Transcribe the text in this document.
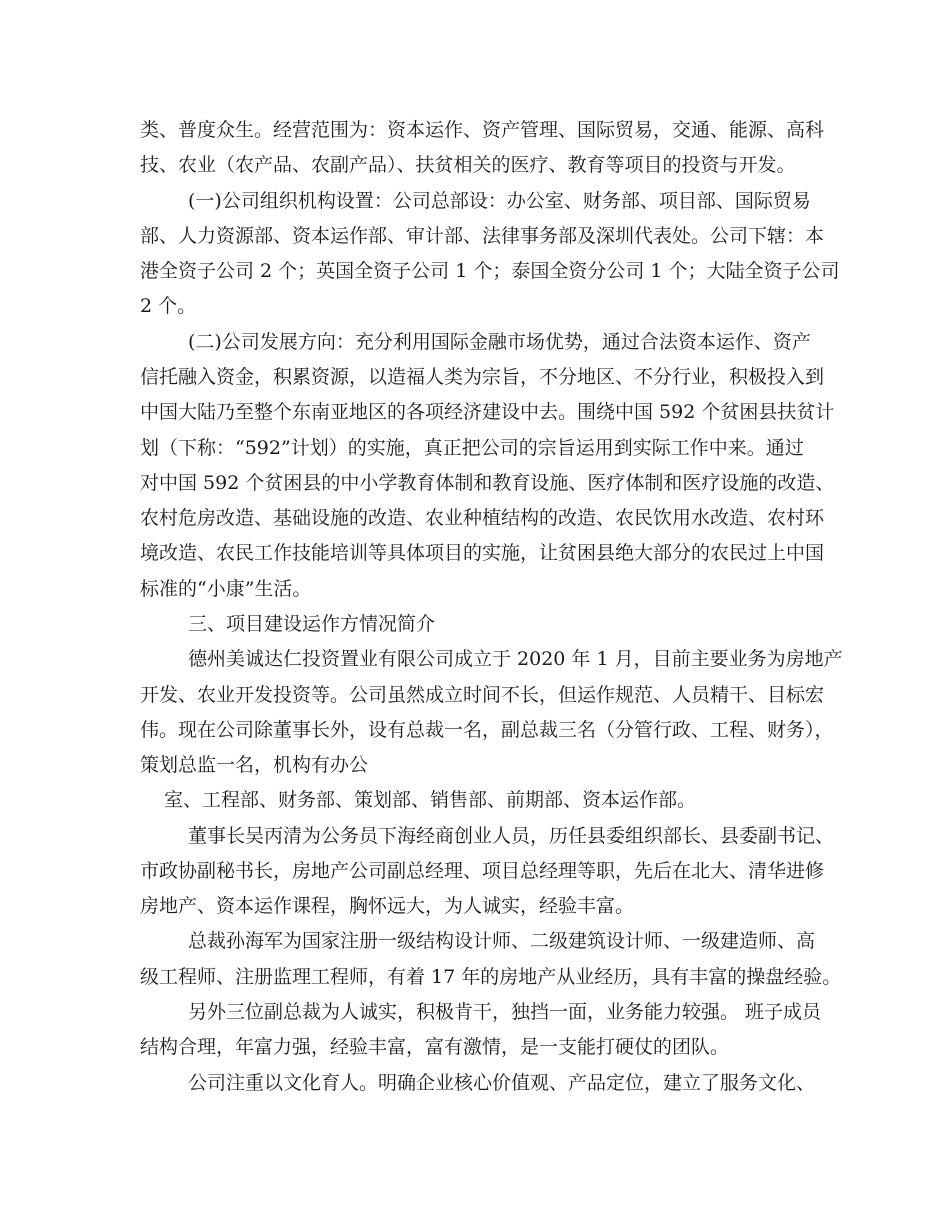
类、普度众生。经营范围为：资本运作、资产管理、国际贸易，交通、能源、高科
技、农业（农产品、农副产品）、扶贫相关的医疗、教育等项目的投资与开发。
(一)公司组织机构设置：公司总部设：办公室、财务部、项目部、国际贸易
部、人力资源部、资本运作部、审计部、法律事务部及深圳代表处。公司下辖：本
港全资子公司 2 个；英国全资子公司 1 个；泰国全资分公司 1 个；大陆全资子公司
2 个。
(二)公司发展方向：充分利用国际金融市场优势，通过合法资本运作、资产
信托融入资金，积累资源，以造福人类为宗旨，不分地区、不分行业，积极投入到
中国大陆乃至整个东南亚地区的各项经济建设中去。围绕中国 592 个贫困县扶贫计
划（下称：“592”计划）的实施，真正把公司的宗旨运用到实际工作中来。通过
对中国 592 个贫困县的中小学教育体制和教育设施、医疗体制和医疗设施的改造、
农村危房改造、基础设施的改造、农业种植结构的改造、农民饮用水改造、农村环
境改造、农民工作技能培训等具体项目的实施，让贫困县绝大部分的农民过上中国
标准的“小康”生活。
三、项目建设运作方情况简介
德州美诚达仁投资置业有限公司成立于 2020 年 1 月，目前主要业务为房地产
开发、农业开发投资等。公司虽然成立时间不长，但运作规范、人员精干、目标宏
伟。现在公司除董事长外，设有总裁一名，副总裁三名（分管行政、工程、财务），
策划总监一名，机构有办公
室、工程部、财务部、策划部、销售部、前期部、资本运作部。
董事长吴丙清为公务员下海经商创业人员，历任县委组织部长、县委副书记、
市政协副秘书长，房地产公司副总经理、项目总经理等职，先后在北大、清华进修
房地产、资本运作课程，胸怀远大，为人诚实，经验丰富。
总裁孙海军为国家注册一级结构设计师、二级建筑设计师、一级建造师、高
级工程师、注册监理工程师，有着 17 年的房地产从业经历，具有丰富的操盘经验。
另外三位副总裁为人诚实，积极肯干，独挡一面，业务能力较强。 班子成员
结构合理，年富力强，经验丰富，富有激情，是一支能打硬仗的团队。
公司注重以文化育人。明确企业核心价值观、产品定位，建立了服务文化、
